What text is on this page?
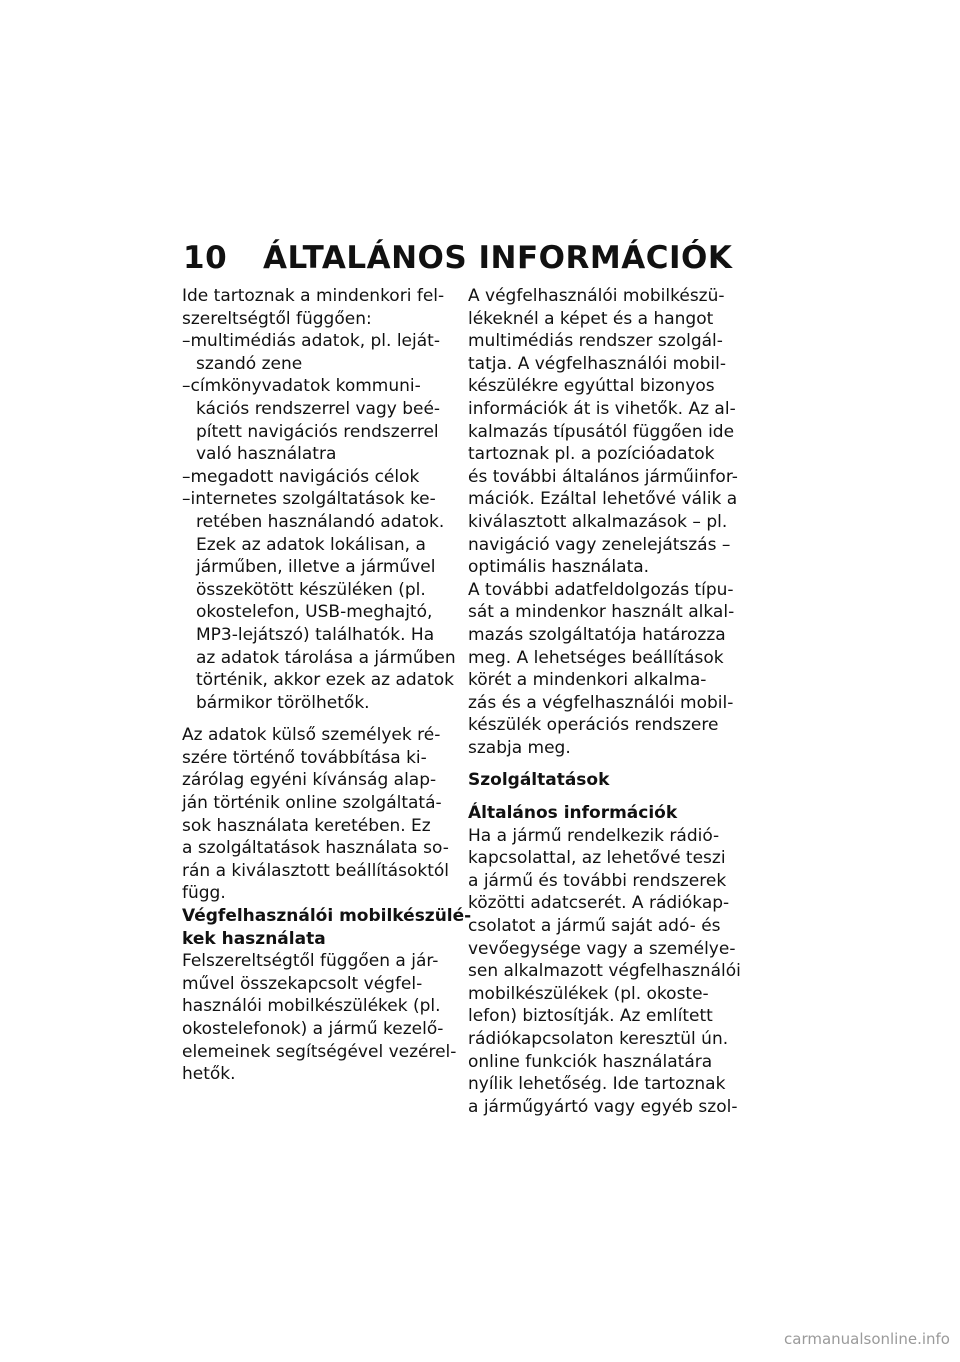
10 ÁLTALÁNOS INFORMÁCIÓK

Ide tartoznak a mindenkori fel-

szereltségtől függően:

–multimédiás adatok, pl. leját-

szandó zene

–címkönyvadatok kommuni-

kációs rendszerrel vagy beé-

pített navigációs rendszerrel

való használatra

–megadott navigációs célok

–internetes szolgáltatások ke-

retében használandó adatok.

Ezek az adatok lokálisan, a

járműben, illetve a járművel

összekötött készüléken (pl.

okostelefon, USB-meghajtó,

MP3-lejátszó) találhatók. Ha

az adatok tárolása a járműben

történik, akkor ezek az adatok

bármikor törölhetők.

Az adatok külső személyek ré-

szére történő továbbítása ki-

zárólag egyéni kívánság alap-

ján történik online szolgáltatá-

sok használata keretében. Ez

a szolgáltatások használata so-

rán a kiválasztott beállításoktól

függ.

Végfelhasználói mobilkészülé-

kek használata

Felszereltségtől függően a jár-

művel összekapcsolt végfel-

használói mobilkészülékek (pl.

okostelefonok) a jármű kezelő-

elemeinek segítségével vezérel-

hetők.

A végfelhasználói mobilkészü-

lékeknél a képet és a hangot

multimédiás rendszer szolgál-

tatja. A végfelhasználói mobil-

készülékre egyúttal bizonyos

információk át is vihetők. Az al-

kalmazás típusától függően ide

tartoznak pl. a pozícióadatok

és további általános járműinfor-

mációk. Ezáltal lehetővé válik a

kiválasztott alkalmazások – pl.

navigáció vagy zenelejátszás –

optimális használata.

A további adatfeldolgozás típu-

sát a mindenkor használt alkal-

mazás szolgáltatója határozza

meg. A lehetséges beállítások

körét a mindenkori alkalma-

zás és a végfelhasználói mobil-

készülék operációs rendszere

szabja meg.

Szolgáltatások

Általános információk

Ha a jármű rendelkezik rádió-

kapcsolattal, az lehetővé teszi

a jármű és további rendszerek

közötti adatcserét. A rádiókap-

csolatot a jármű saját adó- és

vevőegysége vagy a személye-

sen alkalmazott végfelhasználói

mobilkészülékek (pl. okoste-

lefon) biztosítják. Az említett

rádiókapcsolaton keresztül ún.

online funkciók használatára

nyílik lehetőség. Ide tartoznak

a járműgyártó vagy egyéb szol-

carmanualsonline.info
